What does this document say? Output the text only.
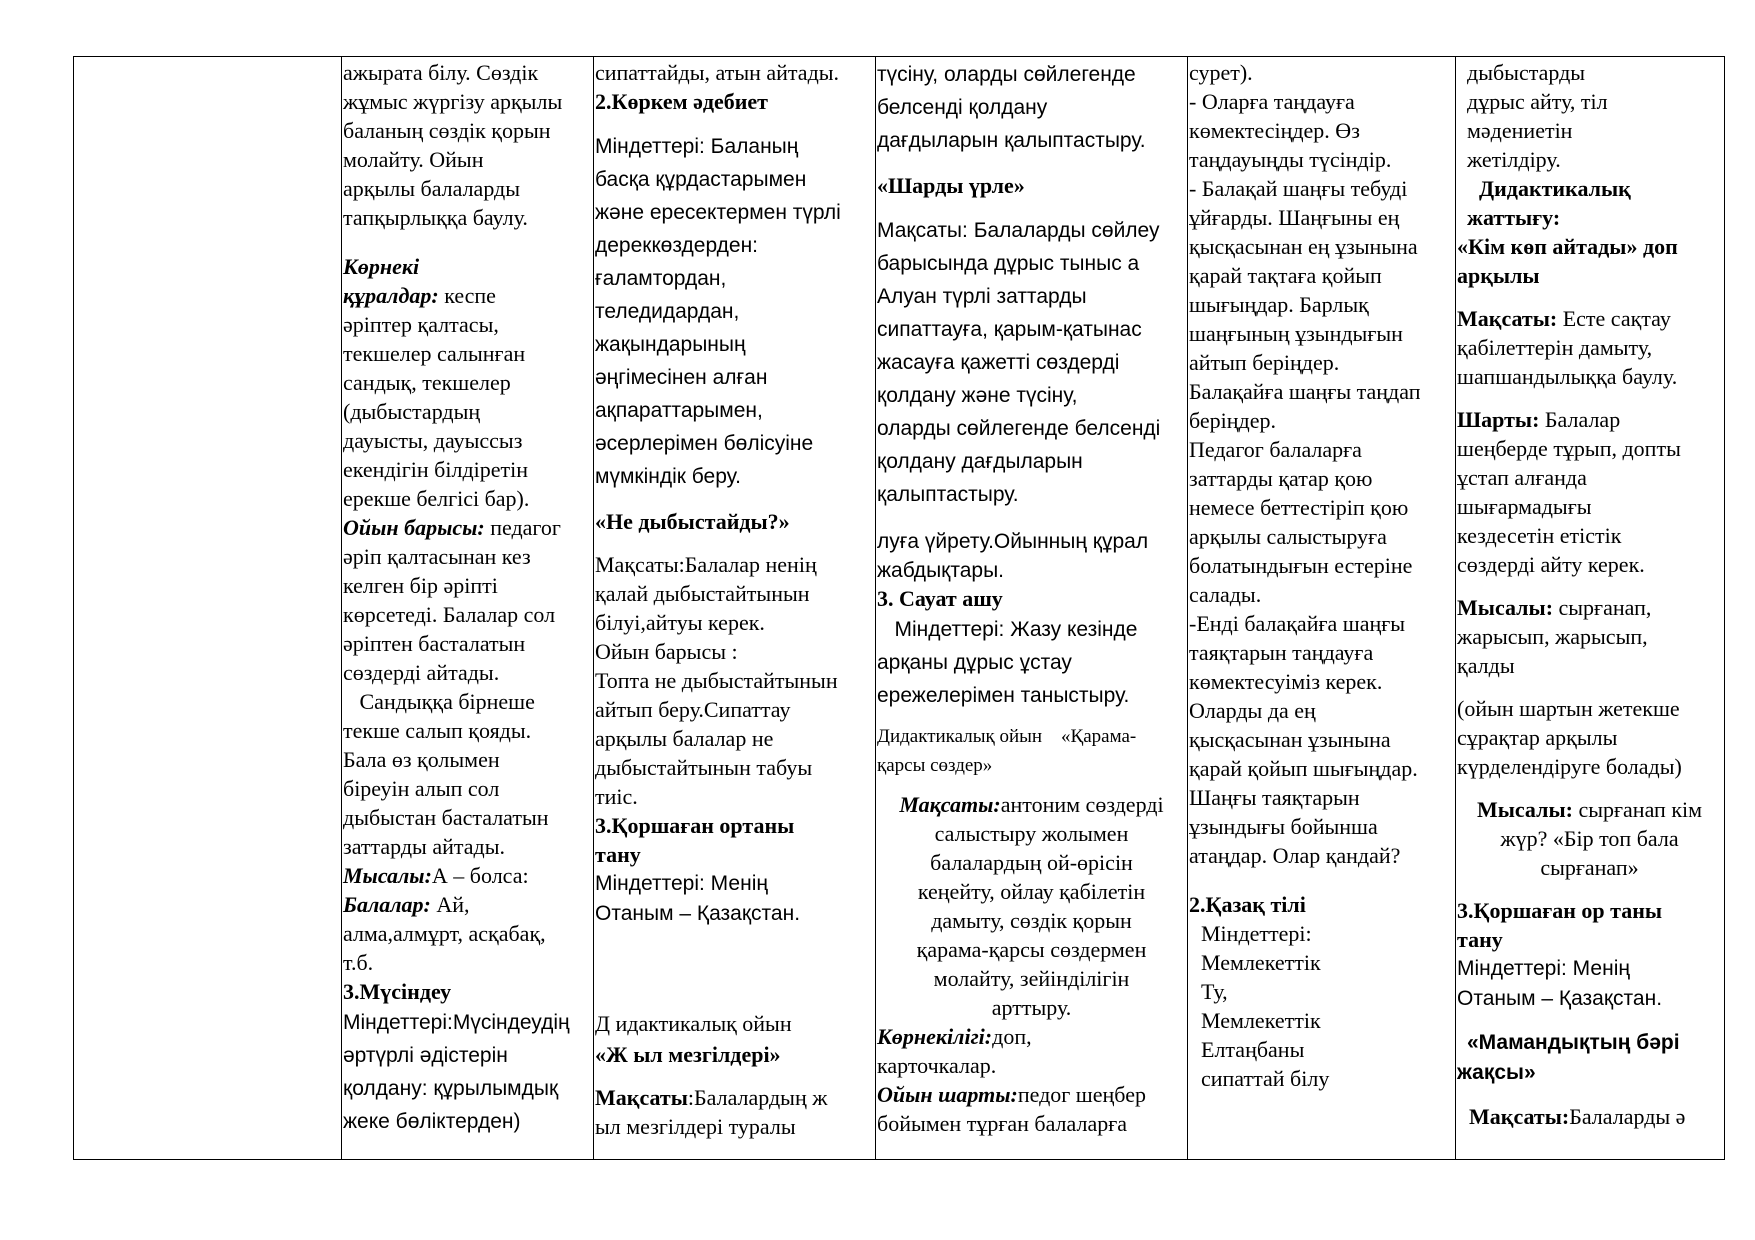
ажырата білу. Сөздік

жұмыс жүргізу арқылы

баланың сөздік қорын

молайту. Ойын

арқылы балаларды

тапқырлыққа баулу.

Көрнекі

құралдар: кеспе

әріптер қалтасы,

текшелер салынған

сандық, текшелер

(дыбыстардың

дауысты, дауыссыз

екендігін білдіретін

ерекше белгісі бар).

Ойын барысы: педагог

әріп қалтасынан кез

келген бір әріпті

көрсетеді. Балалар сол

әріптен басталатын

сөздерді айтады.

Сандыққа бірнеше

текше салып қояды.

Бала өз қолымен

біреуін алып сол

дыбыстан басталатын

заттарды айтады.

Мысалы:А – болса:

Балалар: Ай,

алма,алмұрт, асқабақ,

т.б.

3.Мүсіндеу

Міндеттері:Мүсіндеудің

әртүрлі әдістерін

қолдану: құрылымдық

жеке бөліктерден)

сипаттайды, атын айтады.

2.Көркем әдебиет

Міндеттері: Баланың

басқа құрдастарымен

және ересектермен түрлі

дереккөздерден:

ғаламтордан,

теледидардан,

жақындарының

әңгімесінен алған

ақпараттарымен,

әсерлерімен бөлісуіне

мүмкіндік беру.

«Не дыбыстайды?»

Мақсаты:Балалар ненің

қалай дыбыстайтынын

білуі,айтуы керек.

Ойын барысы :

Топта не дыбыстайтынын

айтып беру.Сипаттау

арқылы балалар не

дыбыстайтынын табуы

тиіс.

3.Қоршаған ортаны

тану

Міндеттері: Менің

Отаным – Қазақстан.

Д идактикалық ойын

«Ж ыл мезгілдері»

Мақсаты:Балалардың ж

ыл мезгілдері туралы

түсіну, оларды сөйлегенде

белсенді қолдану

дағдыларын қалыптастыру.

«Шарды үрле»

Мақсаты: Балаларды сөйлеу

барысында дұрыс тыныс а

Алуан түрлі заттарды

сипаттауға, қарым-қатынас

жасауға қажетті сөздерді

қолдану және түсіну,

оларды сөйлегенде белсенді

қолдану дағдыларын

қалыптастыру.

луға үйрету.Ойынның құрал

жабдықтары.

3. Сауат ашу

Міндеттері: Жазу кезінде

арқаны дұрыс ұстау

ережелерімен таныстыру.

Дидактикалық ойын    «Қарама-

қарсы сөздер»

Мақсаты:антоним сөздерді

салыстыру жолымен

балалардың ой-өрісін

кеңейту, ойлау қабілетін

дамыту, сөздік қорын

қарама-қарсы сөздермен

молайту, зейінділігін

арттыру.

Көрнекілігі:доп,

карточкалар.

Ойын шарты:педог шеңбер

бойымен тұрған балаларға

сурет).

- Оларға таңдауға

көмектесіңдер. Өз

таңдауыңды түсіндір.

- Балақай шаңғы тебуді

ұйғарды. Шаңғыны ең

қысқасынан ең ұзынына

қарай тақтаға қойып

шығыңдар. Барлық

шаңғының ұзындығын

айтып беріңдер.

Балақайға шаңғы таңдап

беріңдер.

Педагог балаларға

заттарды қатар қою

немесе беттестіріп қою

арқылы салыстыруға

болатындығын естеріне

салады.

-Енді балақайға шаңғы

таяқтарын таңдауға

көмектесуіміз керек.

Оларды да ең

қысқасынан ұзынына

қарай қойып шығыңдар.

Шаңғы таяқтарын

ұзындығы бойынша

атаңдар. Олар қандай?

2.Қазақ тілі

Міндеттері:

Мемлекеттік

Ту,

Мемлекеттік

Елтаңбаны

сипаттай білу

дыбыстарды

дұрыс айту, тіл

мәдениетін

жетілдіру.

Дидактикалық

жаттығу:

«Кім көп айтады» доп

арқылы

Мақсаты: Есте сақтау

қабілеттерін дамыту,

шапшандылыққа баулу.

Шарты: Балалар

шеңберде тұрып, допты

ұстап алғанда

шығармадығы

кездесетін етістік

сөздерді айту керек.

Мысалы: сырғанап,

жарысып, жарысып,

қалды

(ойын шартын жетекше

сұрақтар арқылы

күрделендіруге болады)

Мысалы: сырғанап кім

жүр? «Бір топ бала

сырғанап»

3.Қоршаған ор таны

тану

Міндеттері: Менің

Отаным – Қазақстан.

«Мамандықтың бәрі

жақсы»

Мақсаты:Балаларды ә
